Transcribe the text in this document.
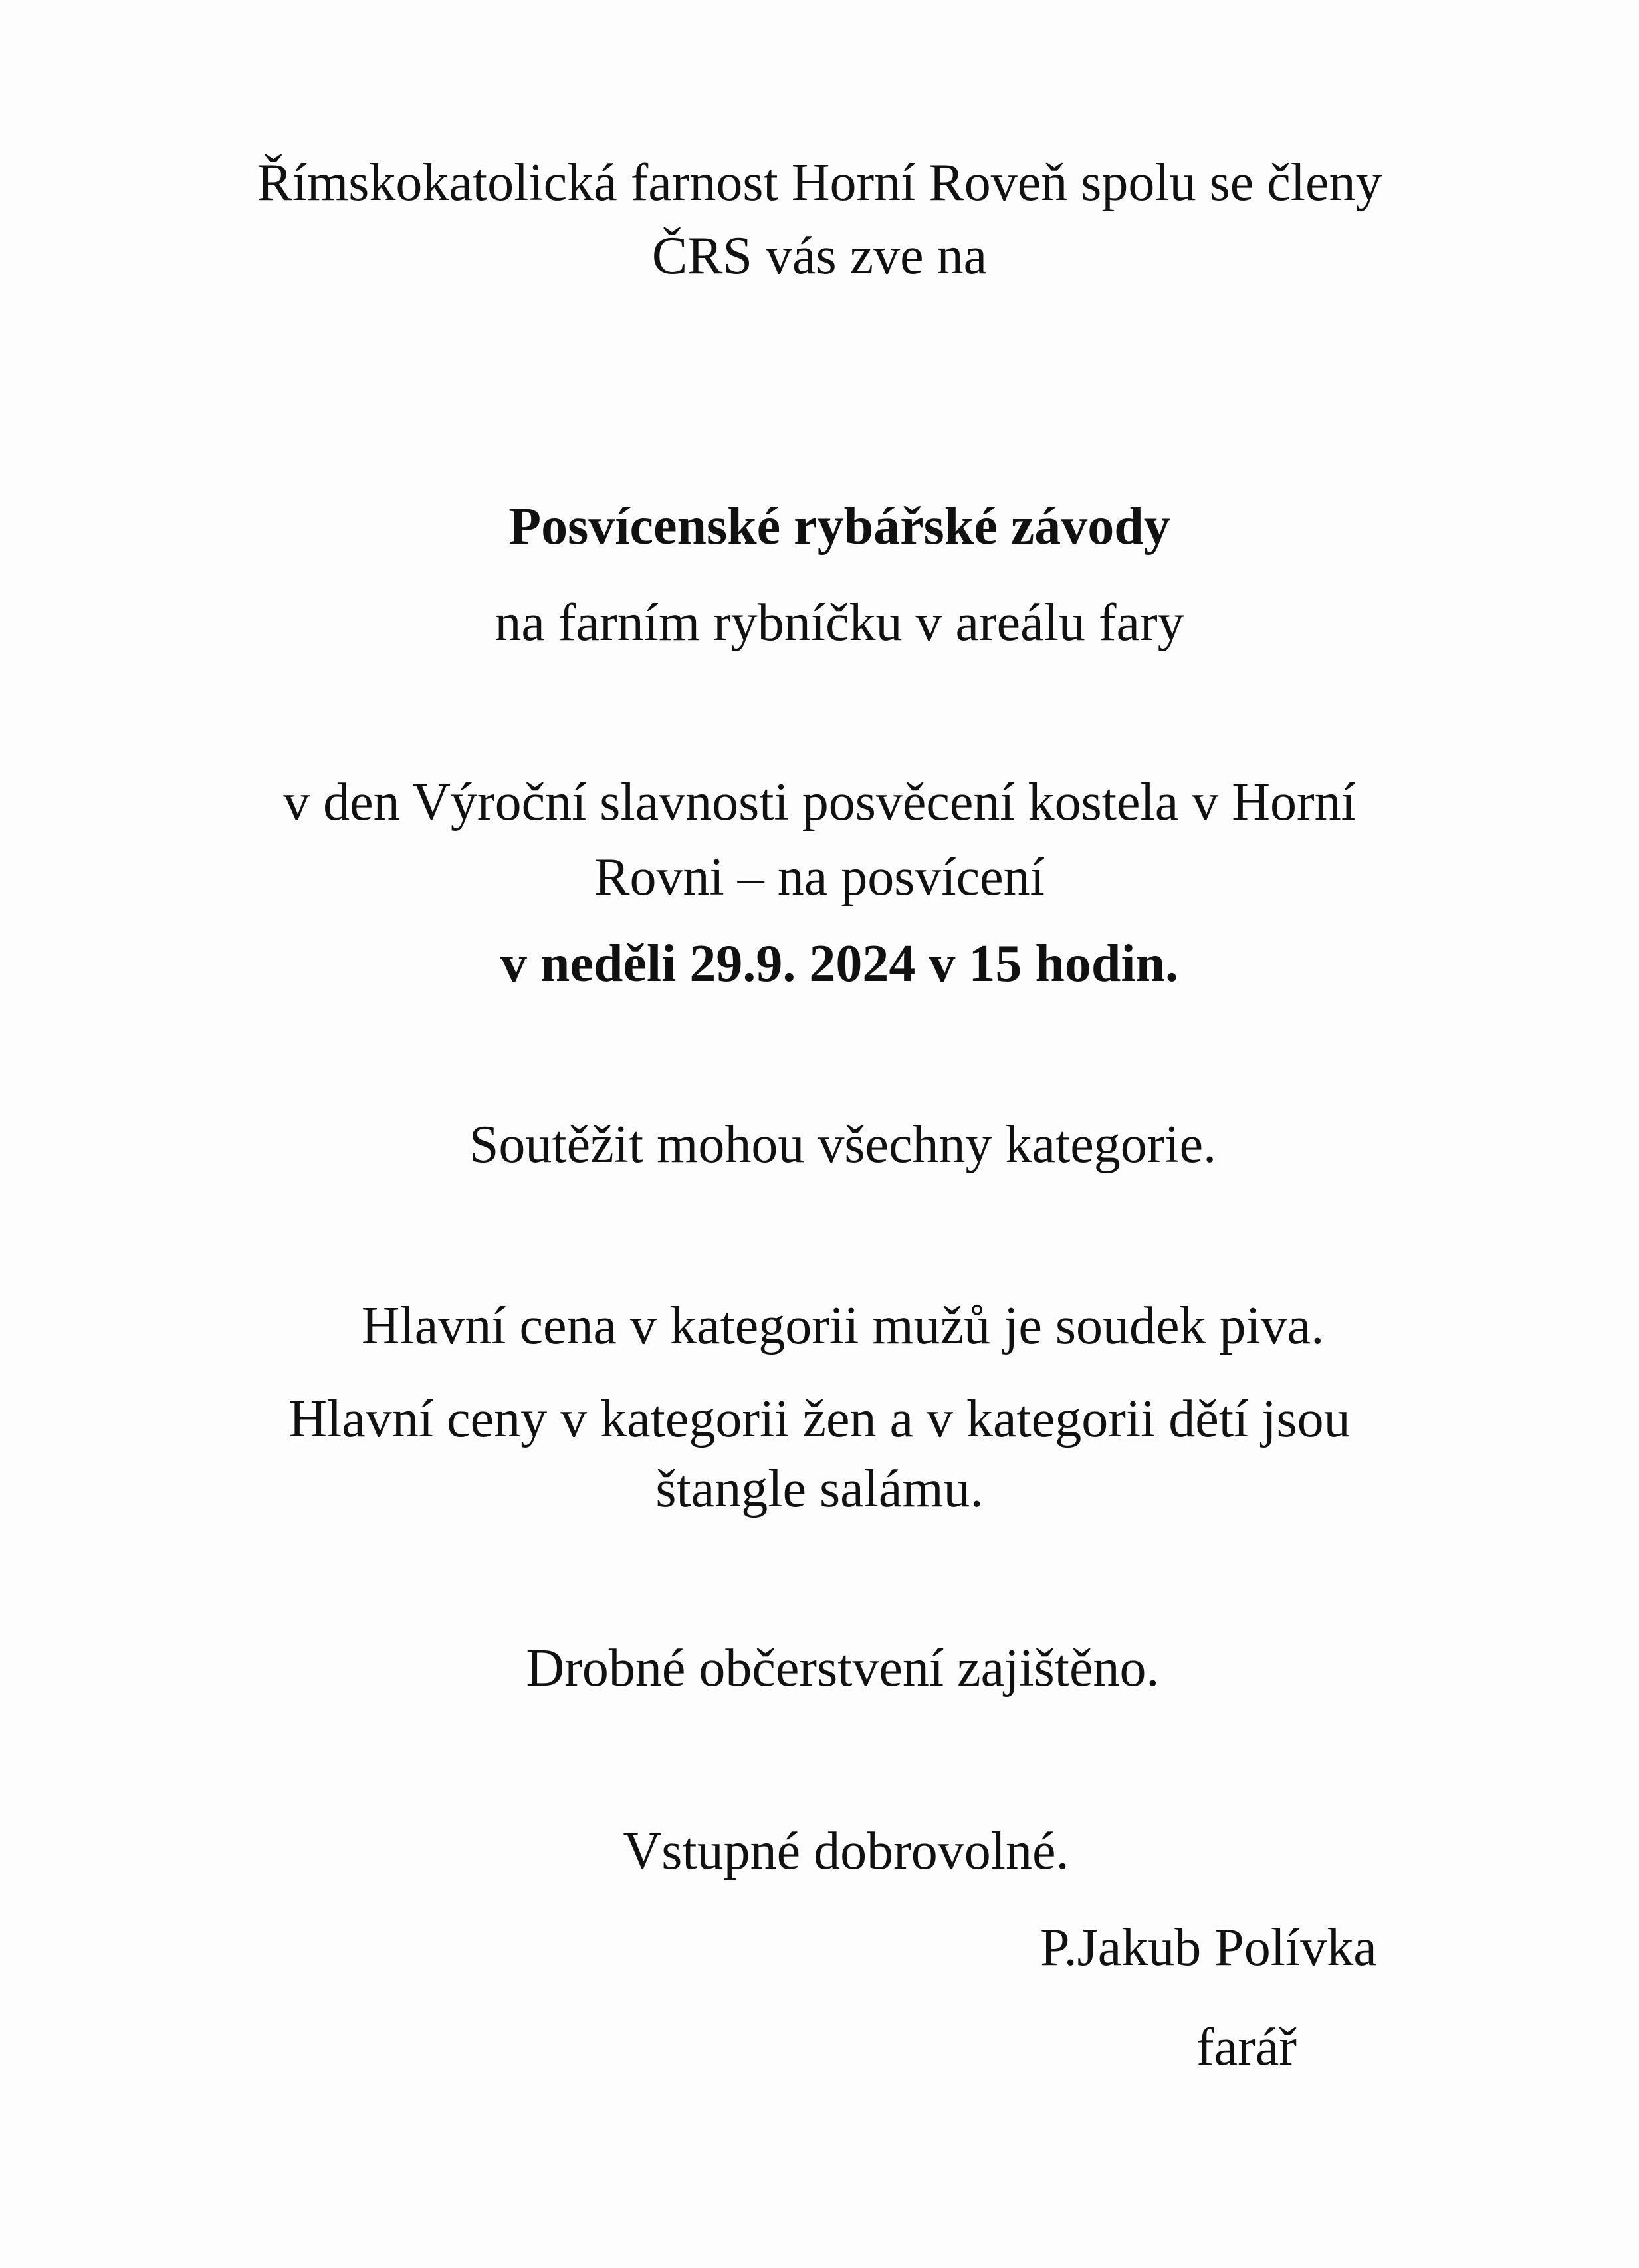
Římskokatolická farnost Horní Roveň spolu se členy
ČRS vás zve na
Posvícenské rybářské závody
na farním rybníčku v areálu fary
v den Výroční slavnosti posvěcení kostela v Horní
Rovni – na posvícení
v neděli 29.9. 2024 v 15 hodin.
Soutěžit mohou všechny kategorie.
Hlavní cena v kategorii mužů je soudek piva.
Hlavní ceny v kategorii žen a v kategorii dětí jsou
štangle salámu.
Drobné občerstvení zajištěno.
Vstupné dobrovolné.
P.Jakub Polívka
farář
